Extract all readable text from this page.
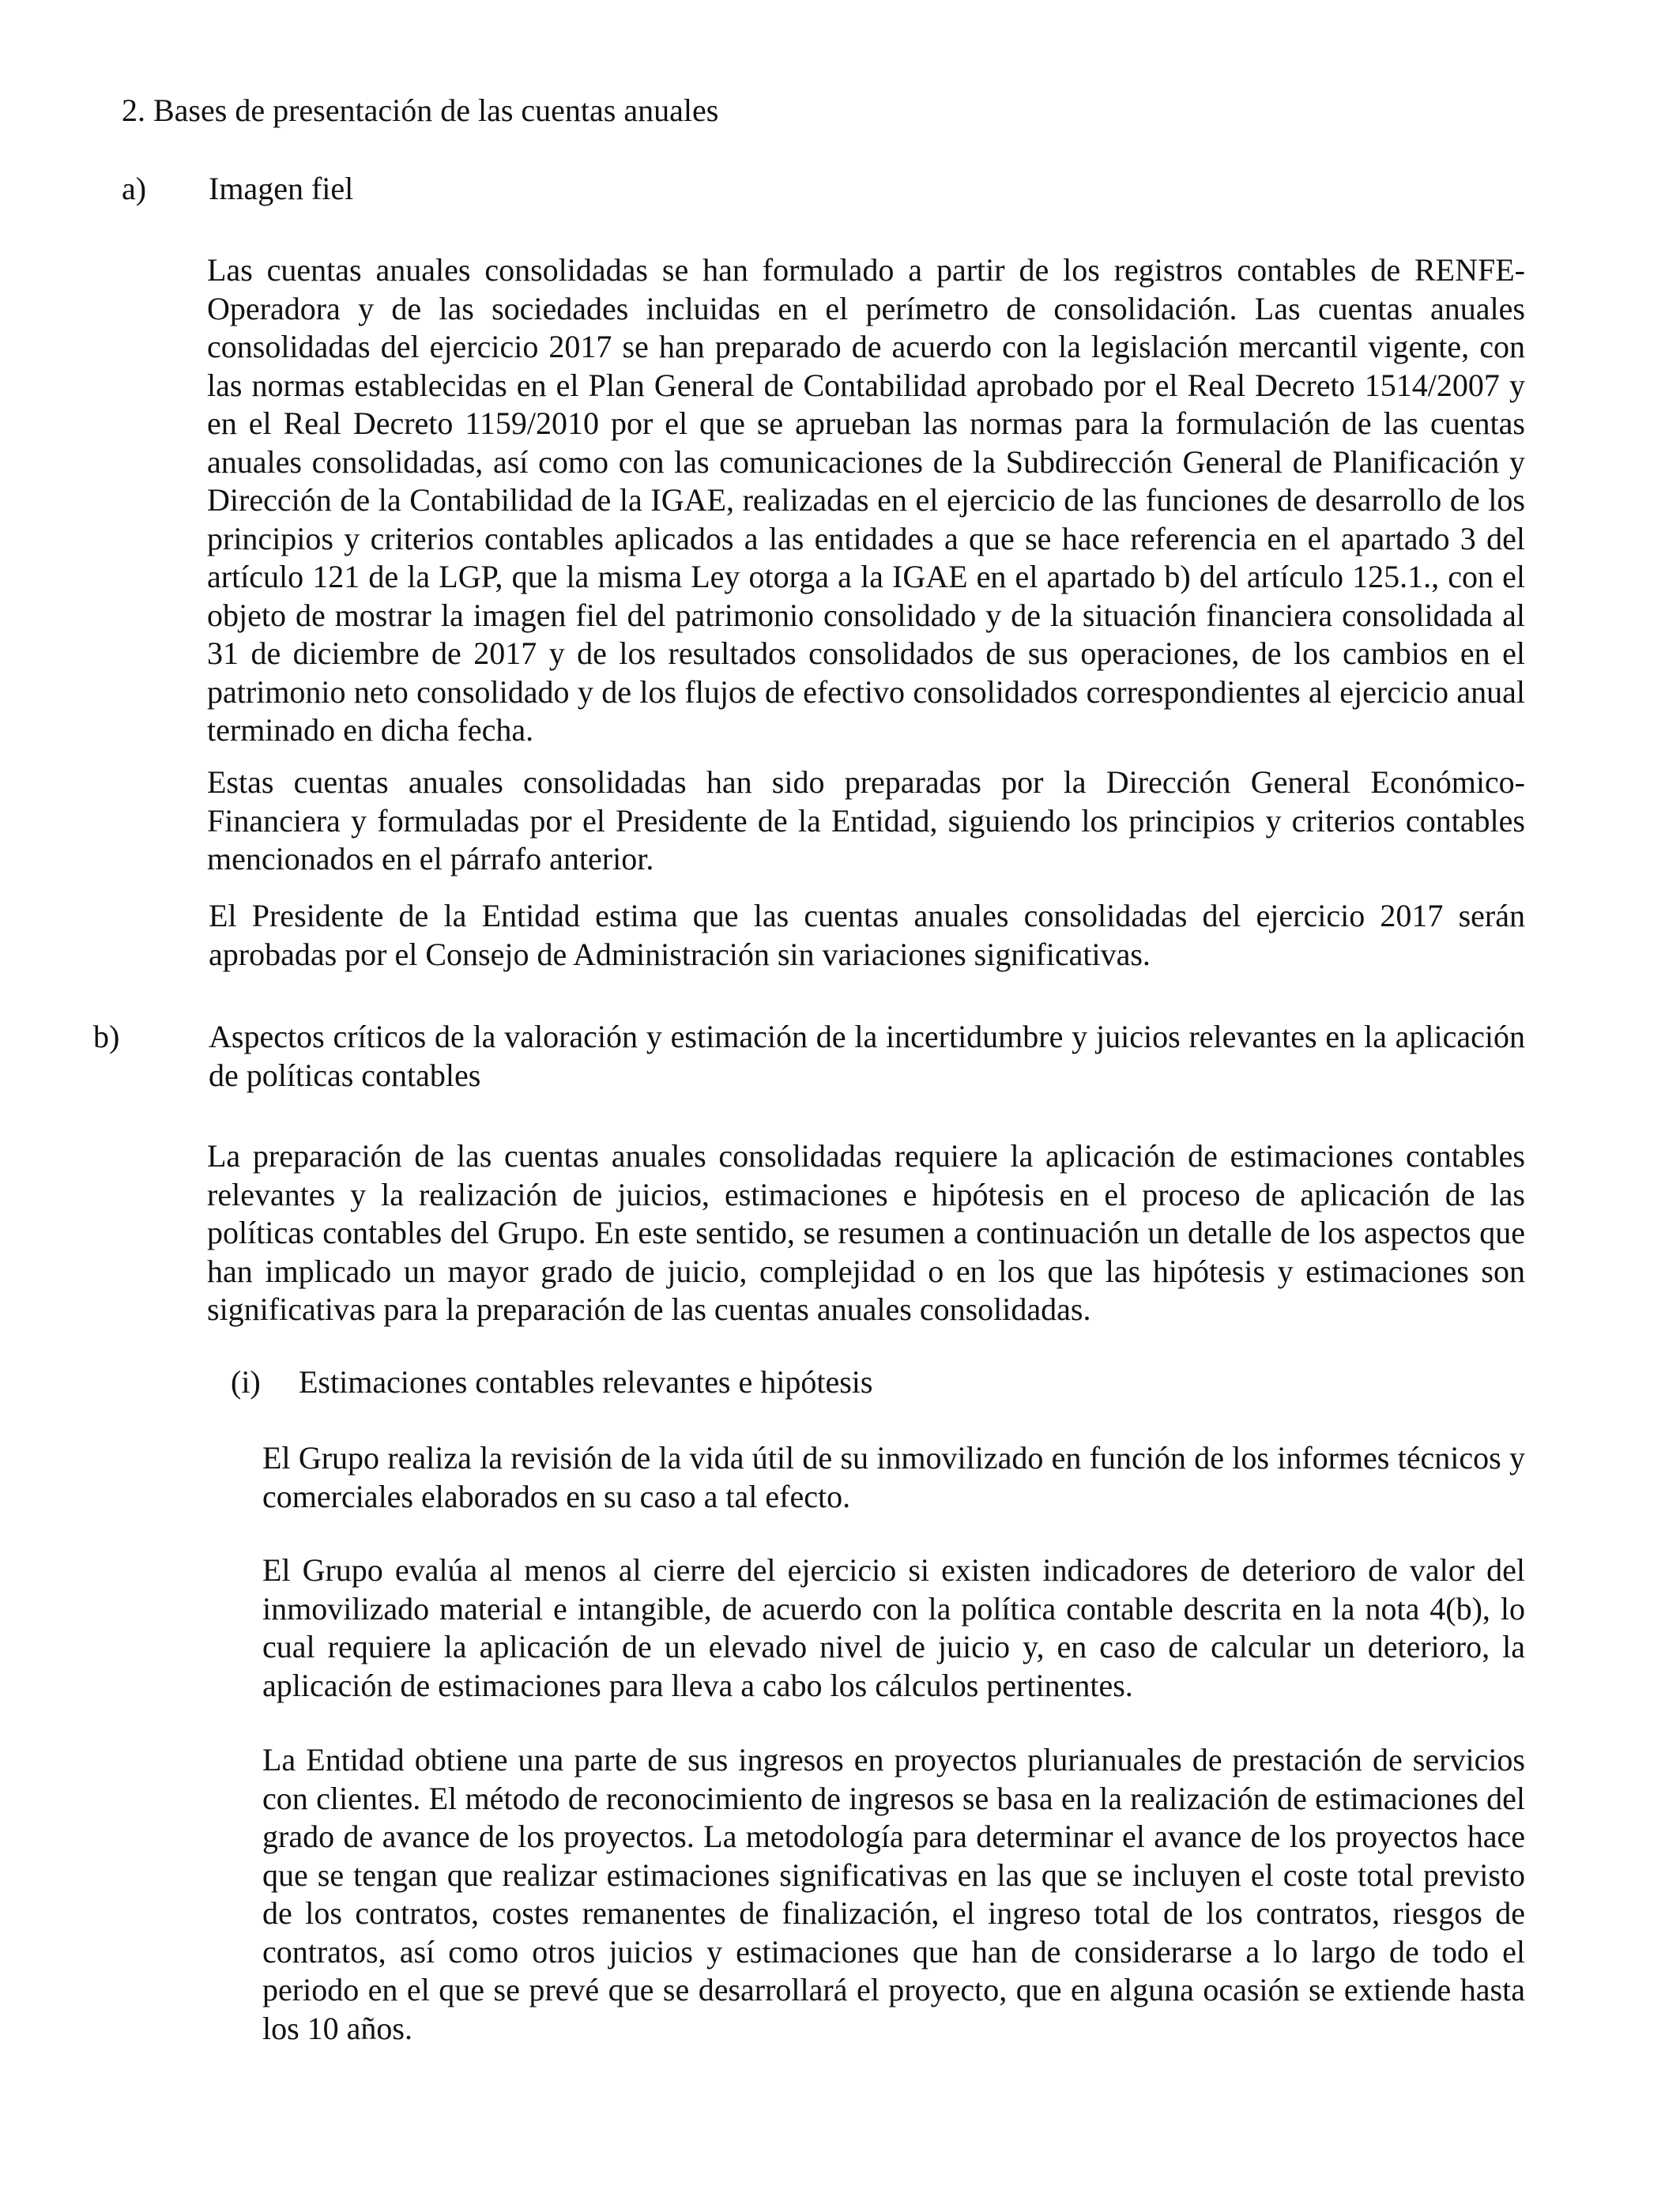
2. Bases de presentación de las cuentas anuales
a) Imagen fiel

Las cuentas anuales consolidadas se han formulado a partir de los registros contables de RENFE-Operadora y de las sociedades incluidas en el perímetro de consolidación. Las cuentas anuales consolidadas del ejercicio 2017 se han preparado de acuerdo con la legislación mercantil vigente, con las normas establecidas en el Plan General de Contabilidad aprobado por el Real Decreto 1514/2007 y en el Real Decreto 1159/2010 por el que se aprueban las normas para la formulación de las cuentas anuales consolidadas, así como con las comunicaciones de la Subdirección General de Planificación y Dirección de la Contabilidad de la IGAE, realizadas en el ejercicio de las funciones de desarrollo de los principios y criterios contables aplicados a las entidades a que se hace referencia en el apartado 3 del artículo 121 de la LGP, que la misma Ley otorga a la IGAE en el apartado b) del artículo 125.1., con el objeto de mostrar la imagen fiel del patrimonio consolidado y de la situación financiera consolidada al 31 de diciembre de 2017 y de los resultados consolidados de sus operaciones, de los cambios en el patrimonio neto consolidado y de los flujos de efectivo consolidados correspondientes al ejercicio anual terminado en dicha fecha.

Estas cuentas anuales consolidadas han sido preparadas por la Dirección General Económico-Financiera y formuladas por el Presidente de la Entidad, siguiendo los principios y criterios contables mencionados en el párrafo anterior.

El Presidente de la Entidad estima que las cuentas anuales consolidadas del ejercicio 2017 serán aprobadas por el Consejo de Administración sin variaciones significativas.

b)	Aspectos críticos de la valoración y estimación de la incertidumbre y juicios relevantes en la aplicación de políticas contables

La preparación de las cuentas anuales consolidadas requiere la aplicación de estimaciones contables relevantes y la realización de juicios, estimaciones e hipótesis en el proceso de aplicación de las políticas contables del Grupo. En este sentido, se resumen a continuación un detalle de los aspectos que han implicado un mayor grado de juicio, complejidad o en los que las hipótesis y estimaciones son significativas para la preparación de las cuentas anuales consolidadas.

(i) Estimaciones contables relevantes e hipótesis

El Grupo realiza la revisión de la vida útil de su inmovilizado en función de los informes técnicos y comerciales elaborados en su caso a tal efecto.

El Grupo evalúa al menos al cierre del ejercicio si existen indicadores de deterioro de valor del inmovilizado material e intangible, de acuerdo con la política contable descrita en la nota 4(b), lo cual requiere la aplicación de un elevado nivel de juicio y, en caso de calcular un deterioro, la aplicación de estimaciones para lleva a cabo los cálculos pertinentes.

La Entidad obtiene una parte de sus ingresos en proyectos plurianuales de prestación de servicios con clientes. El método de reconocimiento de ingresos se basa en la realización de estimaciones del grado de avance de los proyectos. La metodología para determinar el avance de los proyectos hace que se tengan que realizar estimaciones significativas en las que se incluyen el coste total previsto de los contratos, costes remanentes de finalización, el ingreso total de los contratos, riesgos de contratos, así como otros juicios y estimaciones que han de considerarse a lo largo de todo el periodo en el que se prevé que se desarrollará el proyecto, que en alguna ocasión se extiende hasta los 10 años.
